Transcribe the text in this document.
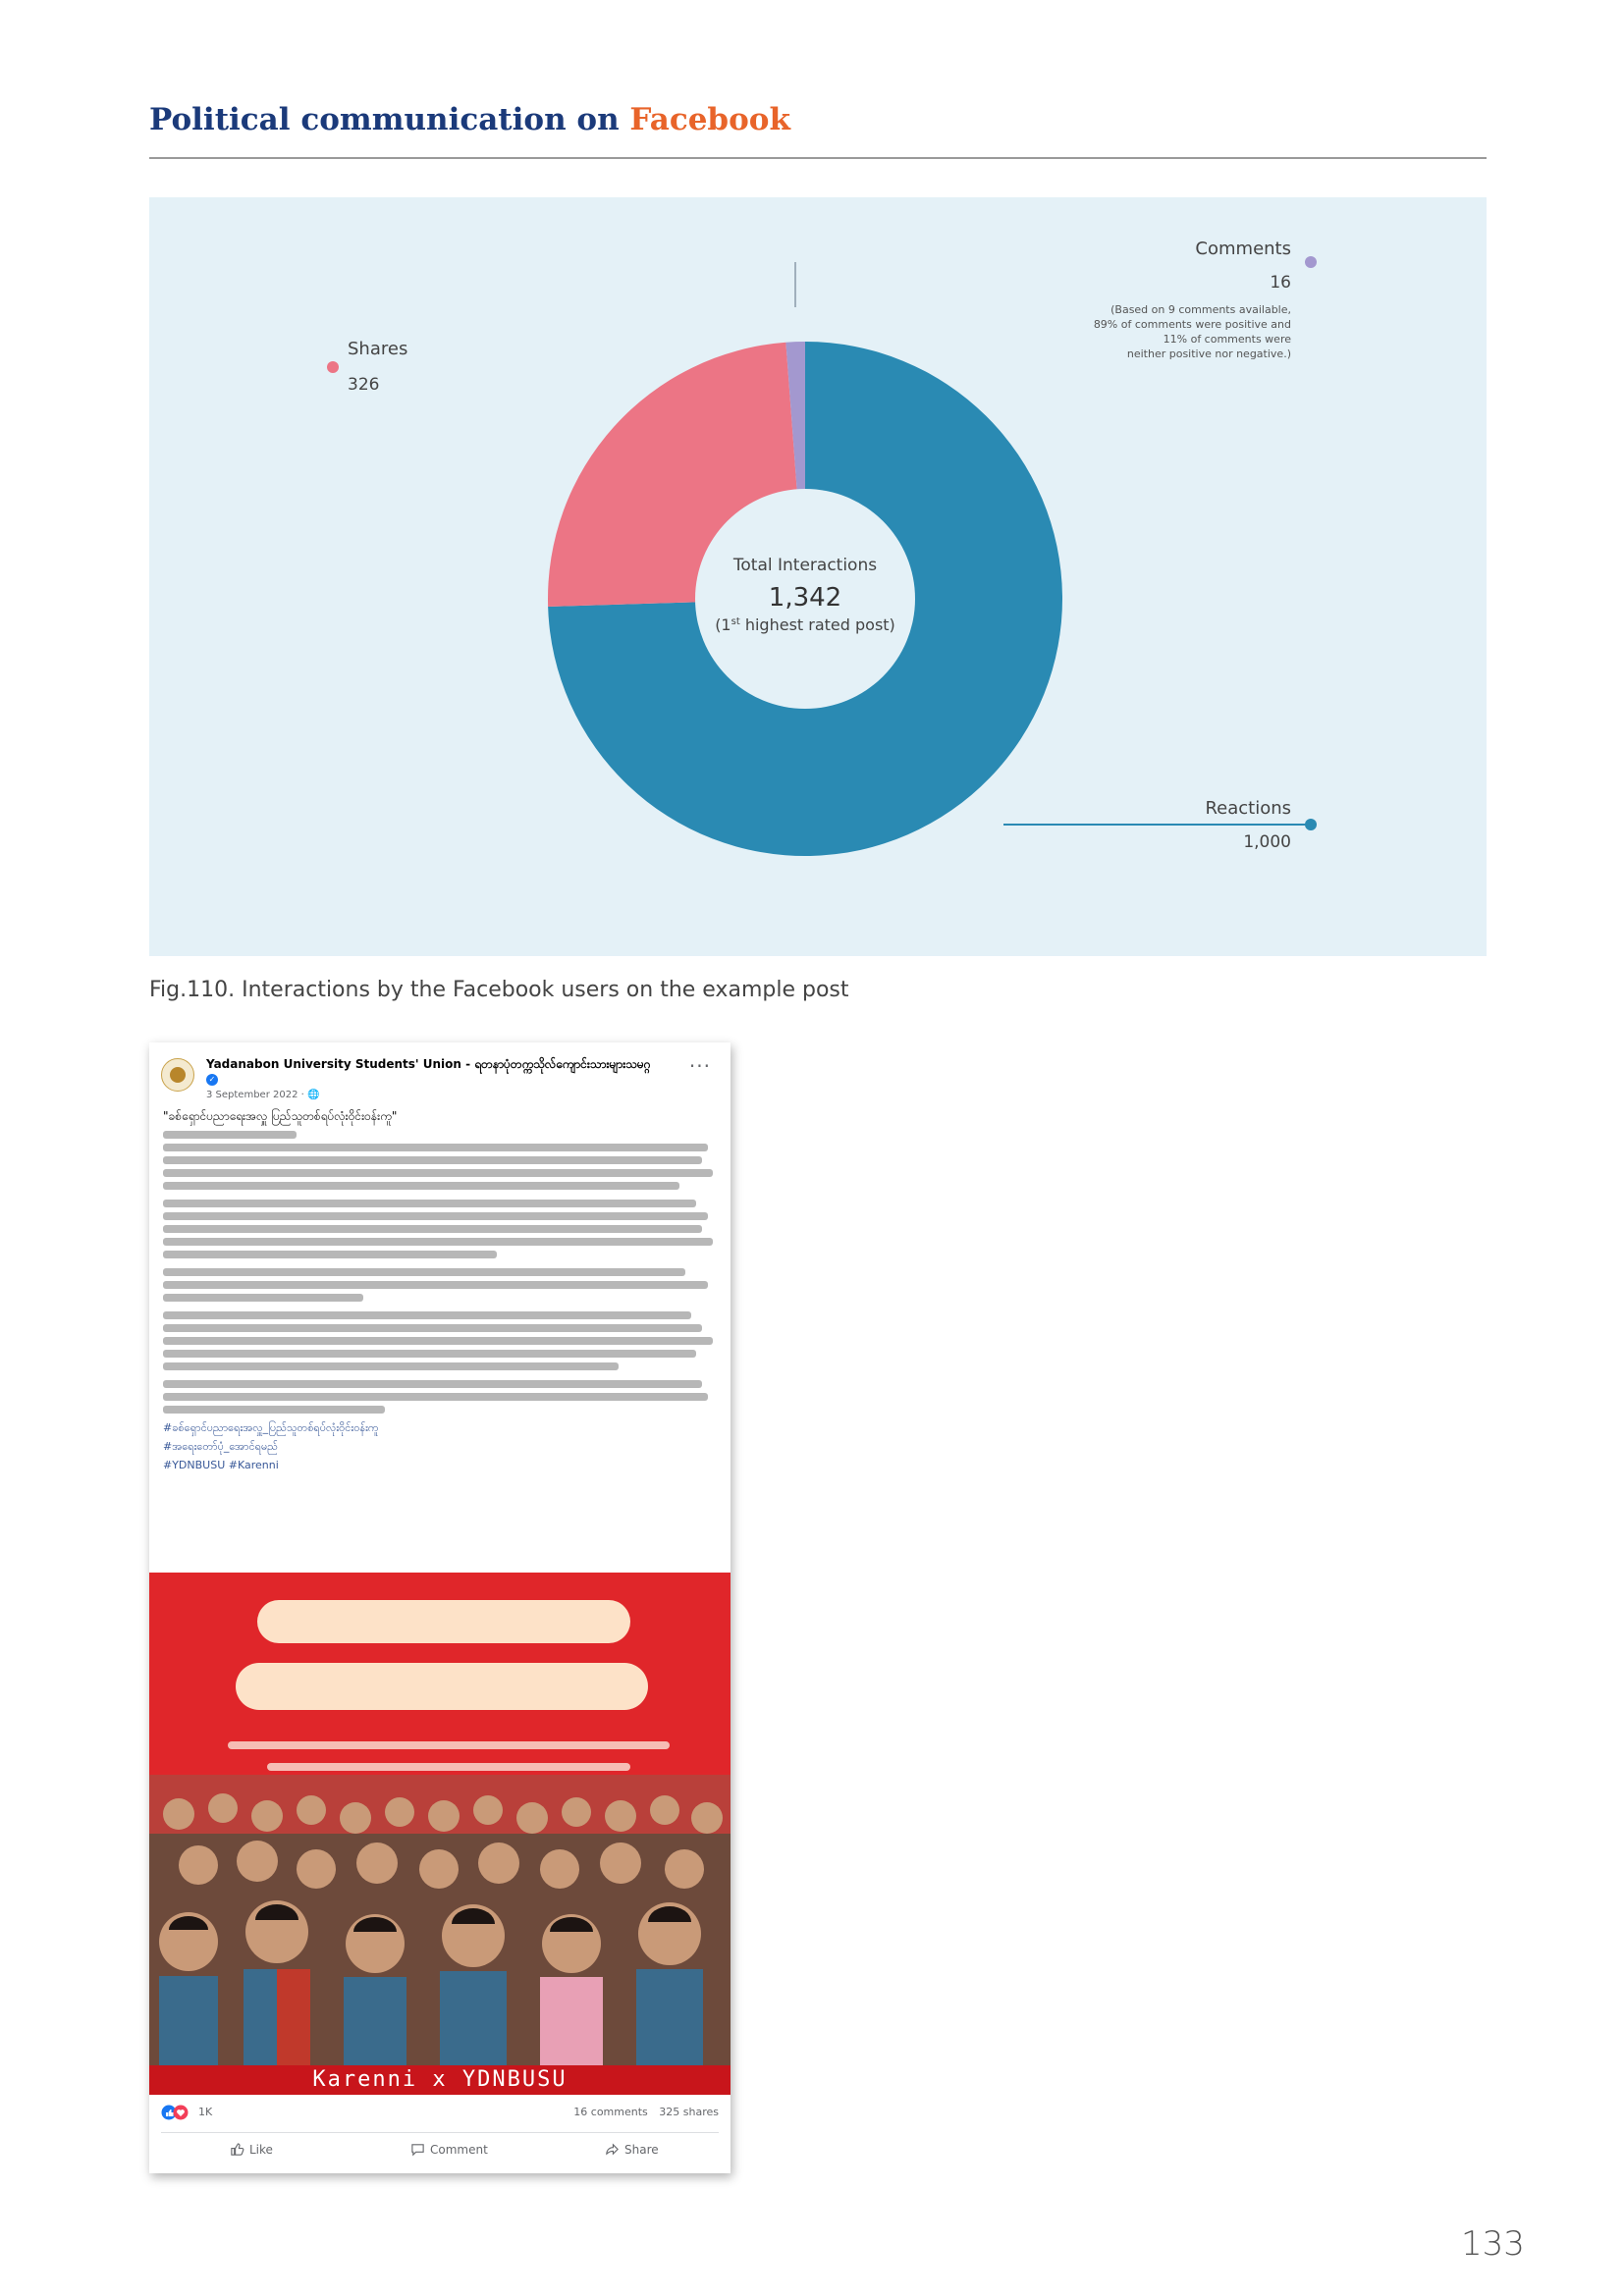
Political communication on Facebook
Comments
16
(Based on 9 comments available,
89% of comments were positive and
11% of comments were
neither positive nor negative.)
Shares
326
Reactions
1,000
Total Interactions
1,342
(1st highest rated post)
Fig.110. Interactions by the Facebook users on the example post
Yadanabon University Students' Union - ရတနာပုံတက္ကသိုလ်ကျောင်းသားများသမဂ္ဂ
✓
3 September 2022 · 🌐
···
"ခစ်ရှောင်ပညာရေးအလှူ ပြည်သူတစ်ရပ်လုံးဝိုင်းဝန်းကူ"
#ခစ်ရှောင်ပညာရေးအလှူ_ပြည်သူတစ်ရပ်လုံးဝိုင်းဝန်းကူ
#အရေးတော်ပုံ_အောင်ရမည်
#YDNBUSU #Karenni
Karenni x YDNBUSU
1K	16 comments 325 shares
Like	Comment	Share
133
